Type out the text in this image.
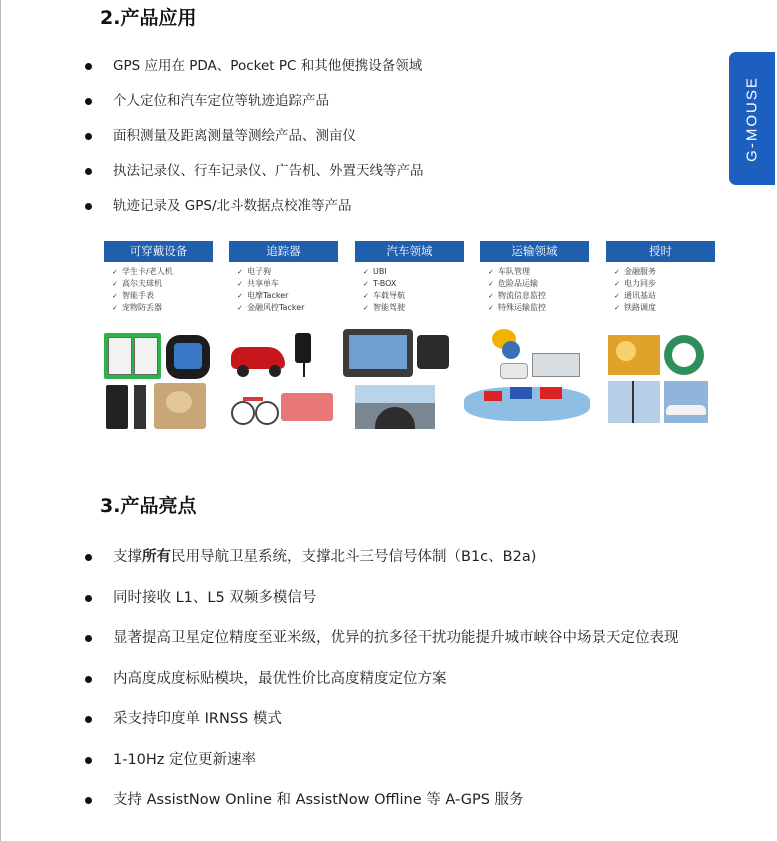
G-MOUSE
2.产品应用
GPS 应用在 PDA、Pocket PC 和其他便携设备领域
个人定位和汽车定位等轨迹追踪产品
面积测量及距离测量等测绘产品、测亩仪
执法记录仪、行车记录仪、广告机、外置天线等产品
轨迹记录及 GPS/北斗数据点校准等产品
可穿戴设备
✓ 学生卡/老人机
✓ 高尔夫球机
✓ 智能手表
✓ 宠物防丢器
追踪器
✓ 电子狗
✓ 共享单车
✓ 电摩Tacker
✓ 金融风控Tacker
汽车领域
✓ UBI
✓ T-BOX
✓ 车载导航
✓ 智能驾驶
运输领域
✓ 车队管理
✓ 危险品运输
✓ 物流信息监控
✓ 特殊运输监控
授时
✓ 金融服务
✓ 电力同步
✓ 通讯基站
✓ 铁路调度
3.产品亮点
支撑所有民用导航卫星系统，支撑北斗三号信号体制（B1c、B2a)
同时接收 L1、L5 双频多模信号
显著提高卫星定位精度至亚米级，优异的抗多径干扰功能提升城市峡谷中场景天定位表现
内高度成度标贴模块，最优性价比高度精度定位方案
采支持印度单 IRNSS 模式
1-10Hz 定位更新速率
支持 AssistNow Online 和 AssistNow Offline 等 A-GPS 服务
